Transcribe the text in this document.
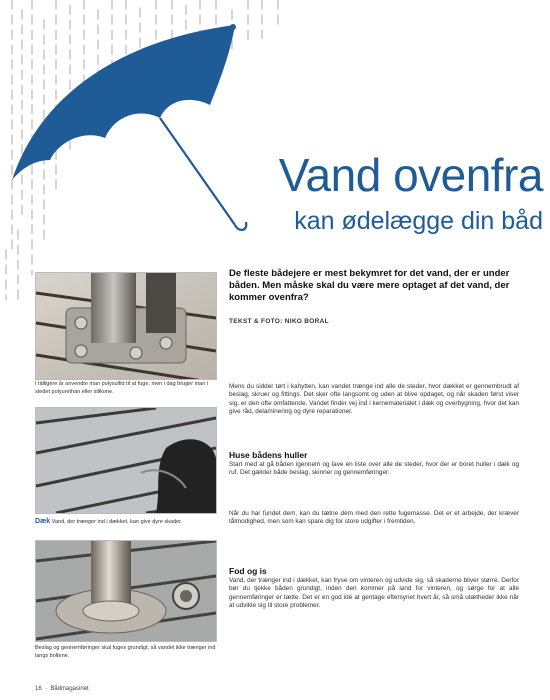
Vand ovenfra
kan ødelægge din båd
I tidligere år anvendte man polysulfid til at fuge, men i dag bruger man i stedet polyurethan eller silikone.
Dæk Vand, der trænger ind i dækket, kan give dyre skader.
Beslag og gennemføringer skal fuges grundigt, så vandet ikke trænger ind langs boltene.
De fleste bådejere er mest bekymret for det vand, der er under båden. Men måske skal du være mere optaget af det vand, der kommer ovenfra?
TEKST & FOTO: NIKO BORAL
Mens du sidder tørt i kahytten, kan vandet trænge ind alle de steder, hvor dækket er gennembrudt af beslag, skruer og fittings. Det sker ofte langsomt og uden at blive opdaget, og når skaden først viser sig, er den ofte omfattende. Vandet finder vej ind i kernematerialet i dæk og overbygning, hvor det kan give råd, delaminering og dyre reparationer.
Huse bådens huller
Start med at gå båden igennem og lave en liste over alle de steder, hvor der er boret huller i dæk og ruf. Det gælder både beslag, skinner og gennemføringer.
Når du har fundet dem, kan du tætne dem med den rette fugemasse. Det er et arbejde, der kræver tålmodighed, men som kan spare dig for store udgifter i fremtiden.
Fod og is
Vand, der trænger ind i dækket, kan fryse om vinteren og udvide sig, så skaderne bliver større. Derfor bør du tjekke båden grundigt, inden den kommer på land for vinteren, og sørge for at alle gennemføringer er tætte. Det er en god idé at gentage eftersynet hvert år, så små utætheder ikke når at udvikle sig til store problemer.
16  ·  Bådmagasinet
